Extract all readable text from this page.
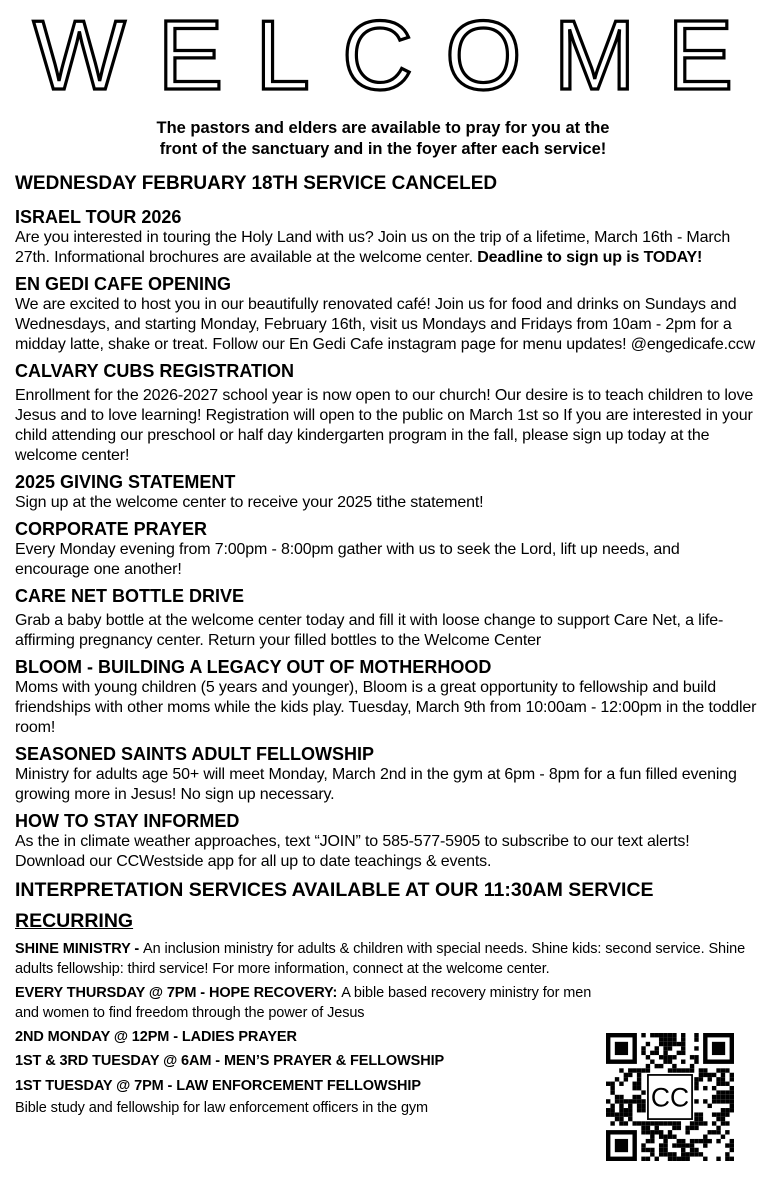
WELCOME
The pastors and elders are available to pray for you at the
front of the sanctuary and in the foyer after each service!
WEDNESDAY FEBRUARY 18TH SERVICE CANCELED
ISRAEL TOUR 2026

Are you interested in touring the Holy Land with us? Join us on the trip of a lifetime, March 16th - March 27th. Informational brochures are available at the welcome center. Deadline to sign up is TODAY!

EN GEDI CAFE OPENING

We are excited to host you in our beautifully renovated café! Join us for food and drinks on Sundays and Wednesdays, and starting Monday, February 16th, visit us Mondays and Fridays from 10am - 2pm for a midday latte, shake or treat. Follow our En Gedi Cafe instagram page for menu updates! @engedicafe.ccw

CALVARY CUBS REGISTRATION

Enrollment for the 2026-2027 school year is now open to our church! Our desire is to teach children to love Jesus and to love learning! Registration will open to the public on March 1st so If you are interested in your child attending our preschool or half day kindergarten program in the fall, please sign up today at the welcome center!

2025 GIVING STATEMENT

Sign up at the welcome center to receive your 2025 tithe statement!

CORPORATE PRAYER

Every Monday evening from 7:00pm - 8:00pm gather with us to seek the Lord, lift up needs, and encourage one another!

CARE NET BOTTLE DRIVE

Grab a baby bottle at the welcome center today and fill it with loose change to support Care Net, a life-affirming pregnancy center. Return your filled bottles to the Welcome Center

BLOOM - BUILDING A LEGACY OUT OF MOTHERHOOD

Moms with young children (5 years and younger), Bloom is a great opportunity to fellowship and build friendships with other moms while the kids play. Tuesday, March 9th from 10:00am - 12:00pm in the toddler room!

SEASONED SAINTS ADULT FELLOWSHIP

Ministry for adults age 50+ will meet Monday, March 2nd in the gym at 6pm - 8pm for a fun filled evening growing more in Jesus! No sign up necessary.

HOW TO STAY INFORMED

As the in climate weather approaches, text “JOIN” to 585-577-5905 to subscribe to our text alerts! Download our CCWestside app for all up to date teachings & events.

INTERPRETATION SERVICES AVAILABLE AT OUR 11:30AM SERVICE
RECURRING
SHINE MINISTRY - An inclusion ministry for adults & children with special needs. Shine kids: second service. Shine adults fellowship: third service! For more information, connect at the welcome center.
EVERY THURSDAY @ 7PM - HOPE RECOVERY: A bible based recovery ministry for men and women to find freedom through the power of Jesus
2ND MONDAY @ 12PM - LADIES PRAYER
1ST & 3RD TUESDAY @ 6AM - MEN’S PRAYER & FELLOWSHIP
1ST TUESDAY @ 7PM - LAW ENFORCEMENT FELLOWSHIP
Bible study and fellowship for law enforcement officers in the gym	CC
